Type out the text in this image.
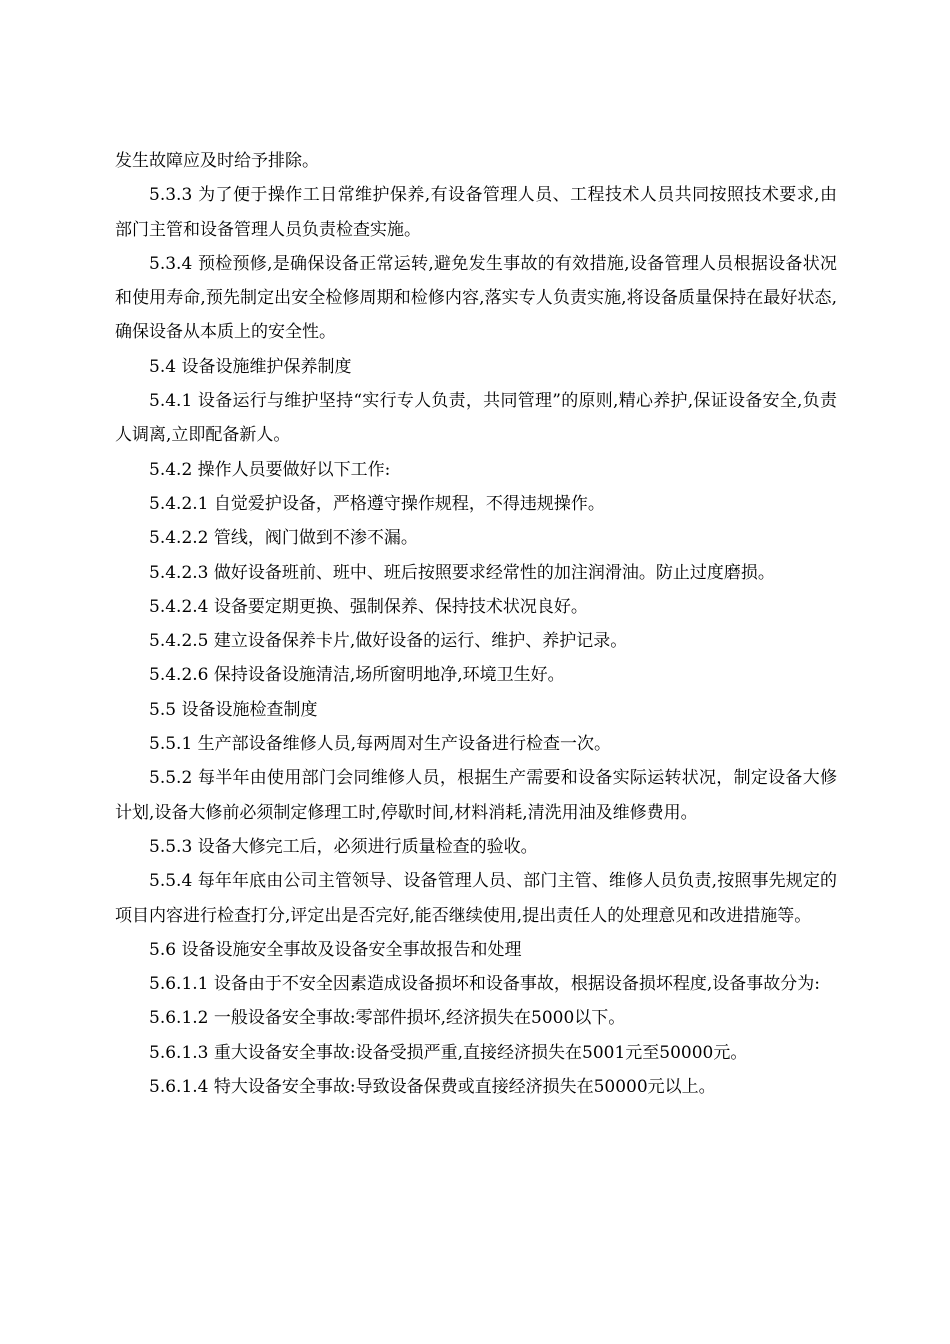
发生故障应及时给予排除。

5.3.3 为了便于操作工日常维护保养,有设备管理人员、工程技术人员共同按照技术要求,由部门主管和设备管理人员负责检查实施。

5.3.4 预检预修,是确保设备正常运转,避免发生事故的有效措施,设备管理人员根据设备状况和使用寿命,预先制定出安全检修周期和检修内容,落实专人负责实施,将设备质量保持在最好状态,确保设备从本质上的安全性。

5.4 设备设施维护保养制度

5.4.1 设备运行与维护坚持“实行专人负责，共同管理”的原则,精心养护,保证设备安全,负责人调离,立即配备新人。

5.4.2 操作人员要做好以下工作:

5.4.2.1 自觉爱护设备，严格遵守操作规程，不得违规操作。

5.4.2.2 管线，阀门做到不渗不漏。

5.4.2.3 做好设备班前、班中、班后按照要求经常性的加注润滑油。防止过度磨损。

5.4.2.4 设备要定期更换、强制保养、保持技术状况良好。

5.4.2.5 建立设备保养卡片,做好设备的运行、维护、养护记录。

5.4.2.6 保持设备设施清洁,场所窗明地净,环境卫生好。

5.5 设备设施检查制度

5.5.1 生产部设备维修人员,每两周对生产设备进行检查一次。

5.5.2 每半年由使用部门会同维修人员，根据生产需要和设备实际运转状况，制定设备大修计划,设备大修前必须制定修理工时,停歇时间,材料消耗,清洗用油及维修费用。

5.5.3 设备大修完工后，必须进行质量检查的验收。

5.5.4 每年年底由公司主管领导、设备管理人员、部门主管、维修人员负责,按照事先规定的项目内容进行检查打分,评定出是否完好,能否继续使用,提出责任人的处理意见和改进措施等。

5.6 设备设施安全事故及设备安全事故报告和处理

5.6.1.1 设备由于不安全因素造成设备损坏和设备事故，根据设备损坏程度,设备事故分为:

5.6.1.2 一般设备安全事故:零部件损坏,经济损失在5000以下。

5.6.1.3 重大设备安全事故:设备受损严重,直接经济损失在5001元至50000元。

5.6.1.4 特大设备安全事故:导致设备保费或直接经济损失在50000元以上。
